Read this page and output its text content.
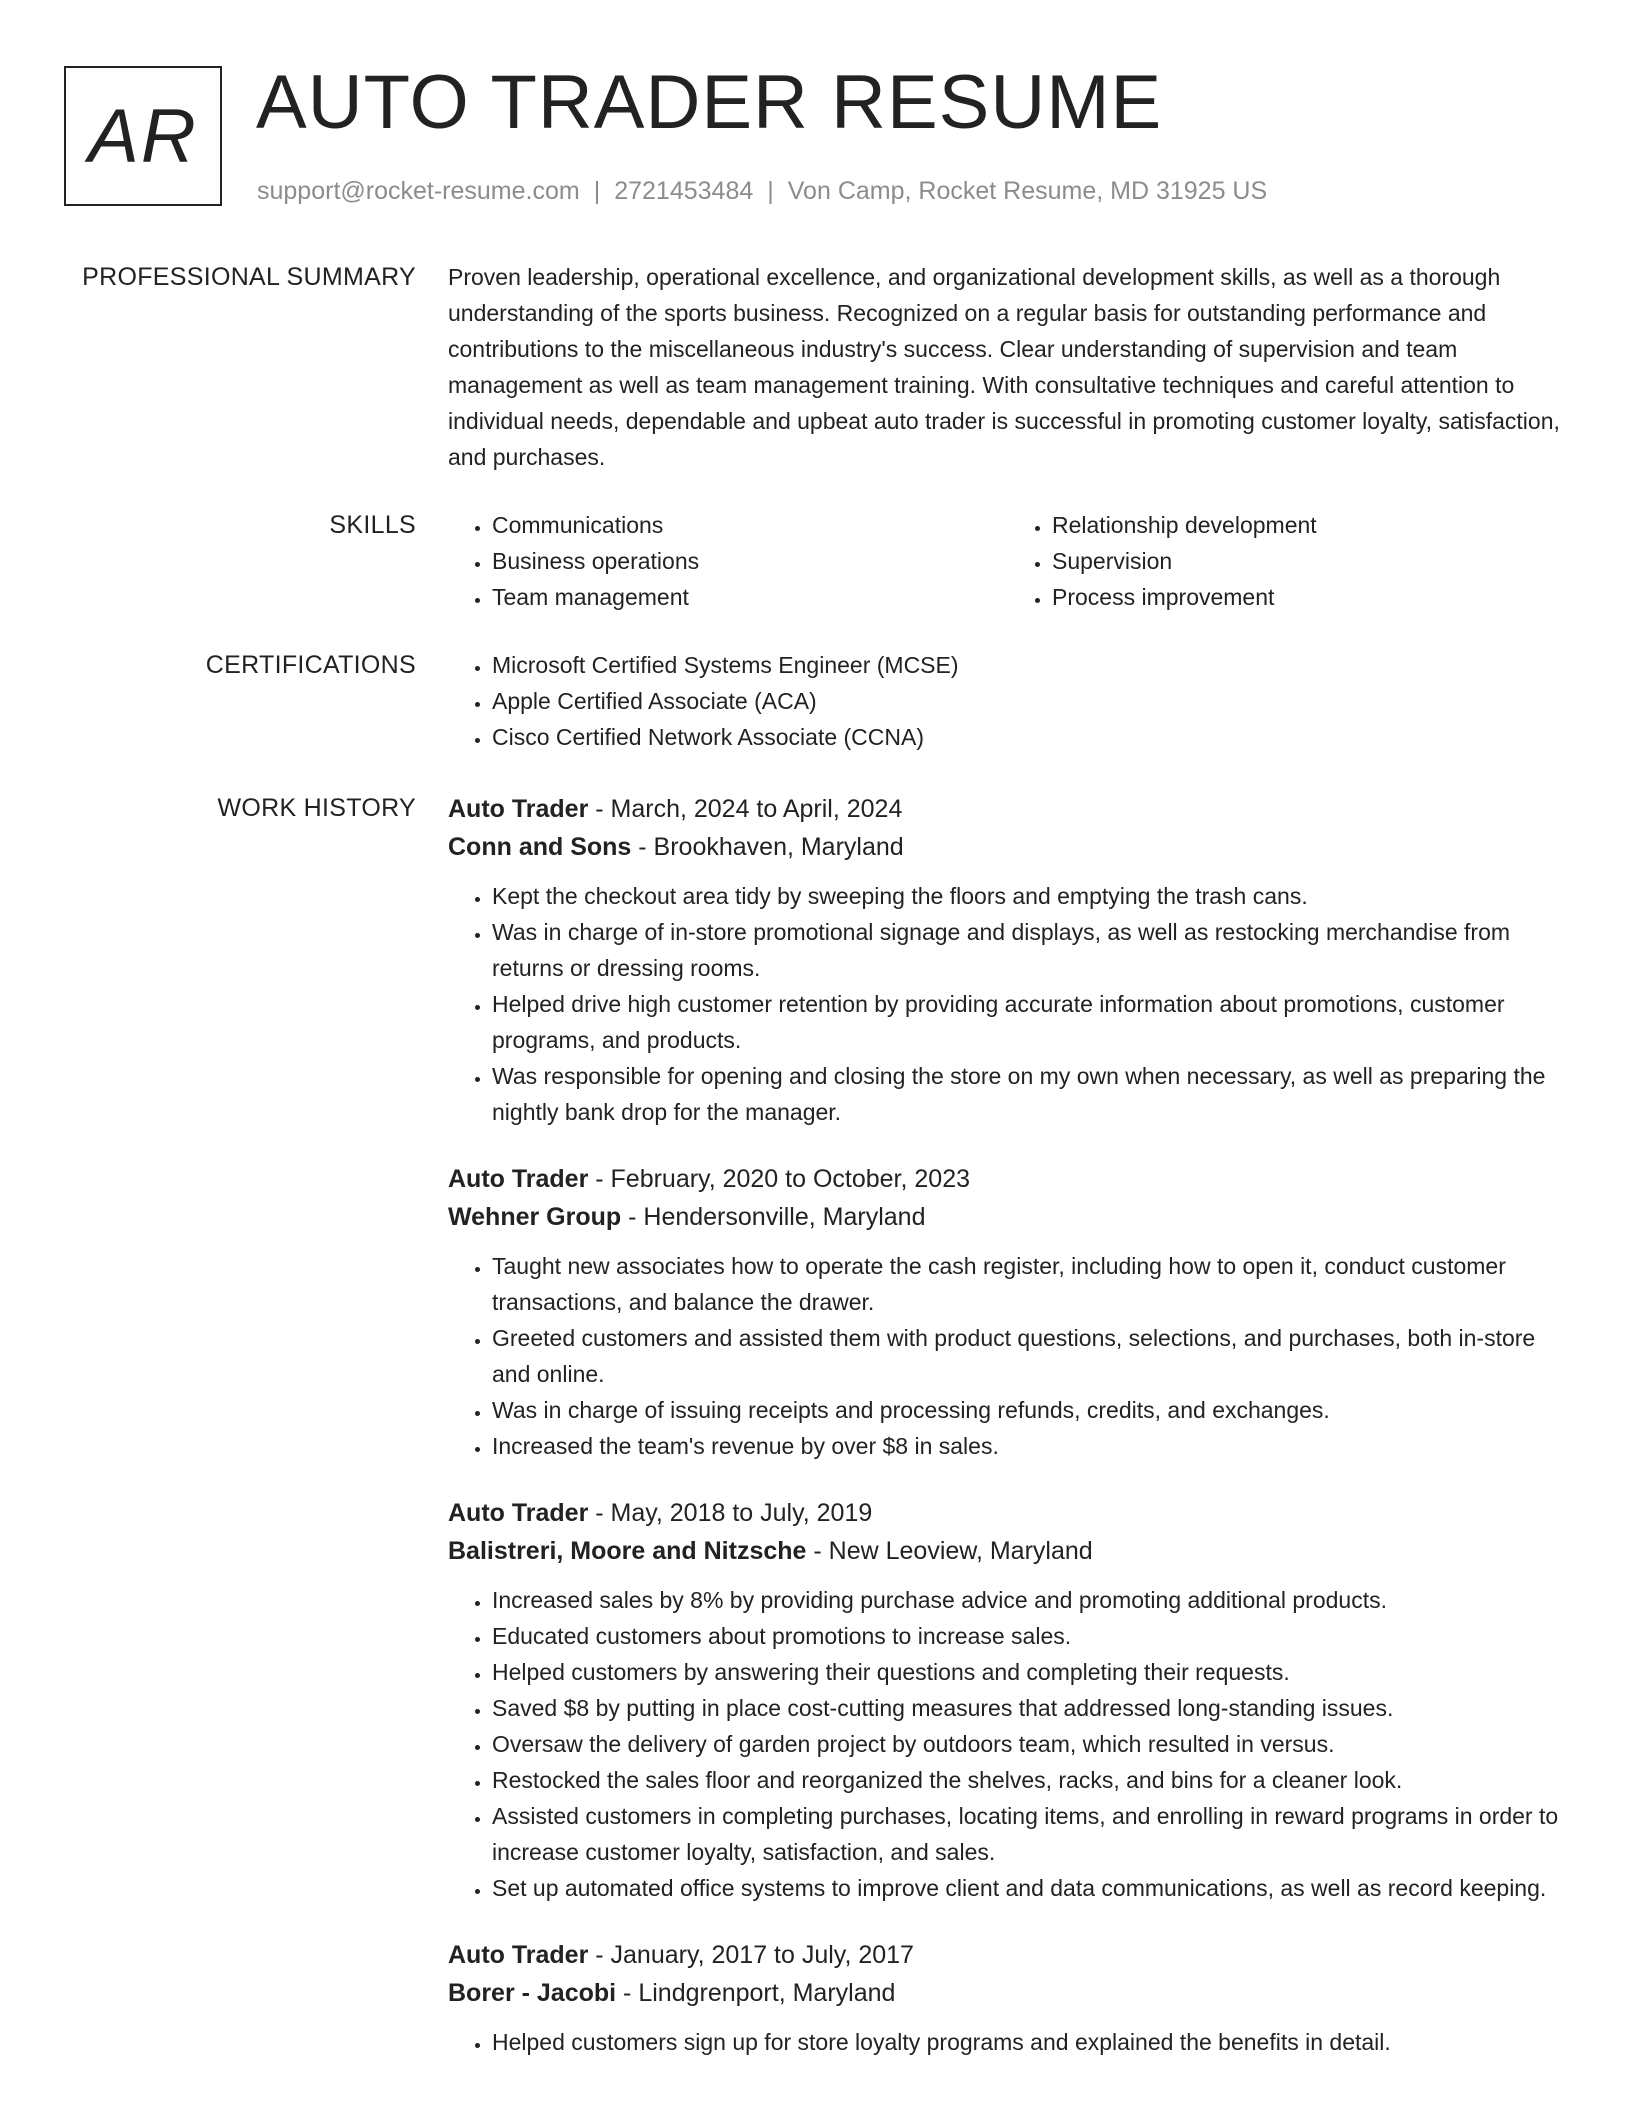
AR AUTO TRADER RESUME
support@rocket-resume.com | 2721453484 | Von Camp, Rocket Resume, MD 31925 US
PROFESSIONAL SUMMARY Proven leadership, operational excellence, and organizational development skills, as well as a thorough understanding of the sports business. Recognized on a regular basis for outstanding performance and contributions to the miscellaneous industry's success. Clear understanding of supervision and team management as well as team management training. With consultative techniques and careful attention to individual needs, dependable and upbeat auto trader is successful in promoting customer loyalty, satisfaction, and purchases.

SKILLS	• Communications
• Business operations
• Team management
• Relationship development
• Supervision
• Process improvement
CERTIFICATIONS	• Microsoft Certified Systems Engineer (MCSE)
• Apple Certified Associate (ACA)
• Cisco Certified Network Associate (CCNA)
WORK HISTORY Auto Trader - March, 2024 to April, 2024
Conn and Sons - Brookhaven, Maryland
• Kept the checkout area tidy by sweeping the floors and emptying the trash cans.
• Was in charge of in-store promotional signage and displays, as well as restocking merchandise from returns or dressing rooms.
• Helped drive high customer retention by providing accurate information about promotions, customer programs, and products.
• Was responsible for opening and closing the store on my own when necessary, as well as preparing the nightly bank drop for the manager.
Auto Trader - February, 2020 to October, 2023
Wehner Group - Hendersonville, Maryland
• Taught new associates how to operate the cash register, including how to open it, conduct customer transactions, and balance the drawer.
• Greeted customers and assisted them with product questions, selections, and purchases, both in-store and online.
• Was in charge of issuing receipts and processing refunds, credits, and exchanges.
• Increased the team's revenue by over $8 in sales.
Auto Trader - May, 2018 to July, 2019
Balistreri, Moore and Nitzsche - New Leoview, Maryland
• Increased sales by 8% by providing purchase advice and promoting additional products.
• Educated customers about promotions to increase sales.
• Helped customers by answering their questions and completing their requests.
• Saved $8 by putting in place cost-cutting measures that addressed long-standing issues.
• Oversaw the delivery of garden project by outdoors team, which resulted in versus.
• Restocked the sales floor and reorganized the shelves, racks, and bins for a cleaner look.
• Assisted customers in completing purchases, locating items, and enrolling in reward programs in order to increase customer loyalty, satisfaction, and sales.
• Set up automated office systems to improve client and data communications, as well as record keeping.
Auto Trader - January, 2017 to July, 2017
Borer - Jacobi - Lindgrenport, Maryland
• Helped customers sign up for store loyalty programs and explained the benefits in detail.
